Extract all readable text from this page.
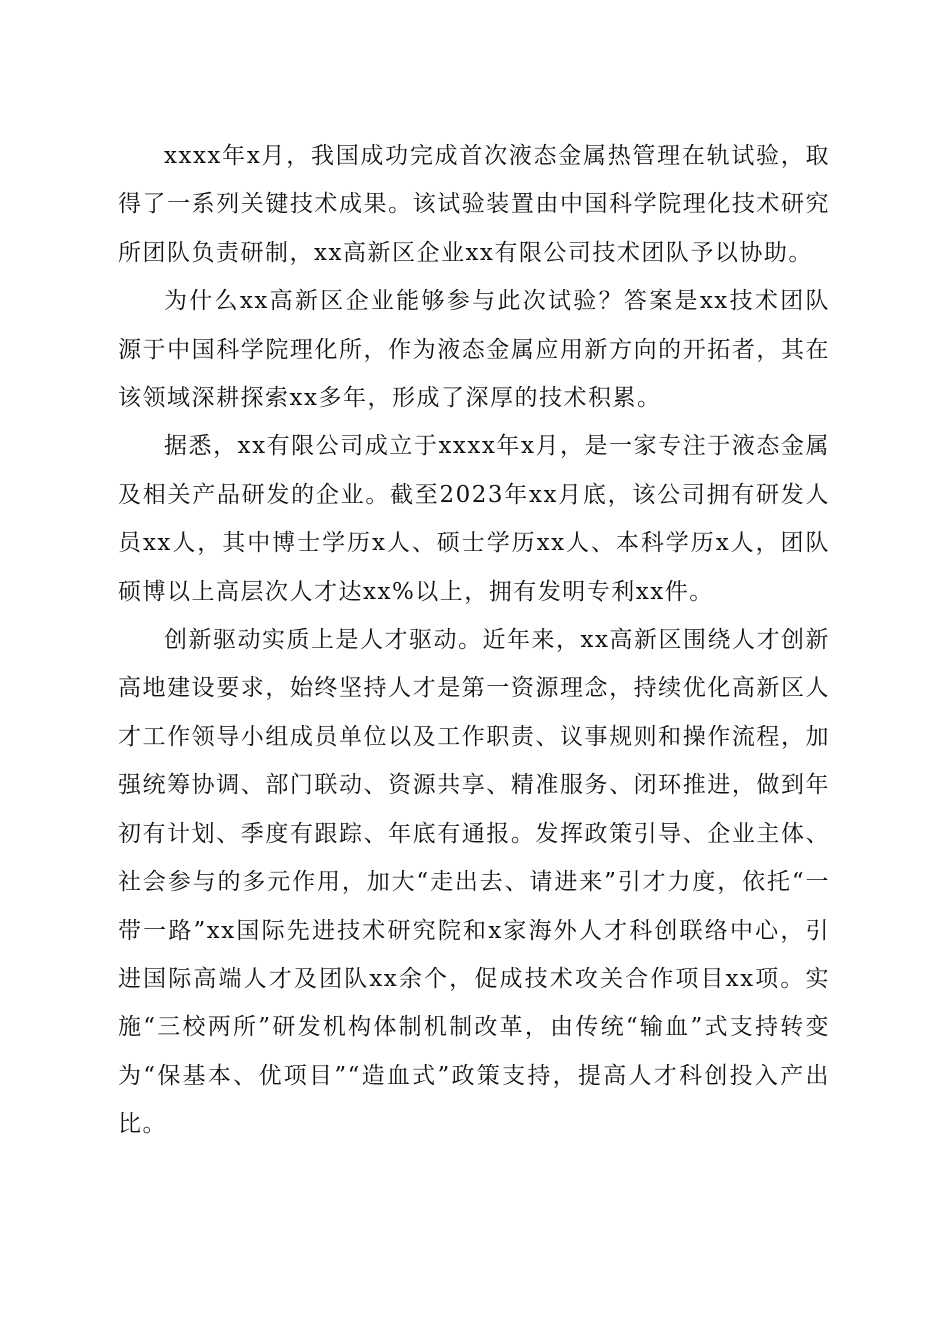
xxxx年x月，我国成功完成首次液态金属热管理在轨试验，取得了一系列关键技术成果。该试验装置由中国科学院理化技术研究所团队负责研制，xx高新区企业xx有限公司技术团队予以协助。

为什么xx高新区企业能够参与此次试验？答案是xx技术团队源于中国科学院理化所，作为液态金属应用新方向的开拓者，其在该领域深耕探索xx多年，形成了深厚的技术积累。

据悉，xx有限公司成立于xxxx年x月，是一家专注于液态金属及相关产品研发的企业。截至2023年xx月底，该公司拥有研发人员xx人，其中博士学历x人、硕士学历xx人、本科学历x人，团队硕博以上高层次人才达xx%以上，拥有发明专利xx件。

创新驱动实质上是人才驱动。近年来，xx高新区围绕人才创新高地建设要求，始终坚持人才是第一资源理念，持续优化高新区人才工作领导小组成员单位以及工作职责、议事规则和操作流程，加强统筹协调、部门联动、资源共享、精准服务、闭环推进，做到年初有计划、季度有跟踪、年底有通报。发挥政策引导、企业主体、社会参与的多元作用，加大“走出去、请进来”引才力度，依托“一带一路”xx国际先进技术研究院和x家海外人才科创联络中心，引进国际高端人才及团队xx余个，促成技术攻关合作项目xx项。实施“三校两所”研发机构体制机制改革，由传统“输血”式支持转变为“保基本、优项目”“造血式”政策支持，提高人才科创投入产出比。
